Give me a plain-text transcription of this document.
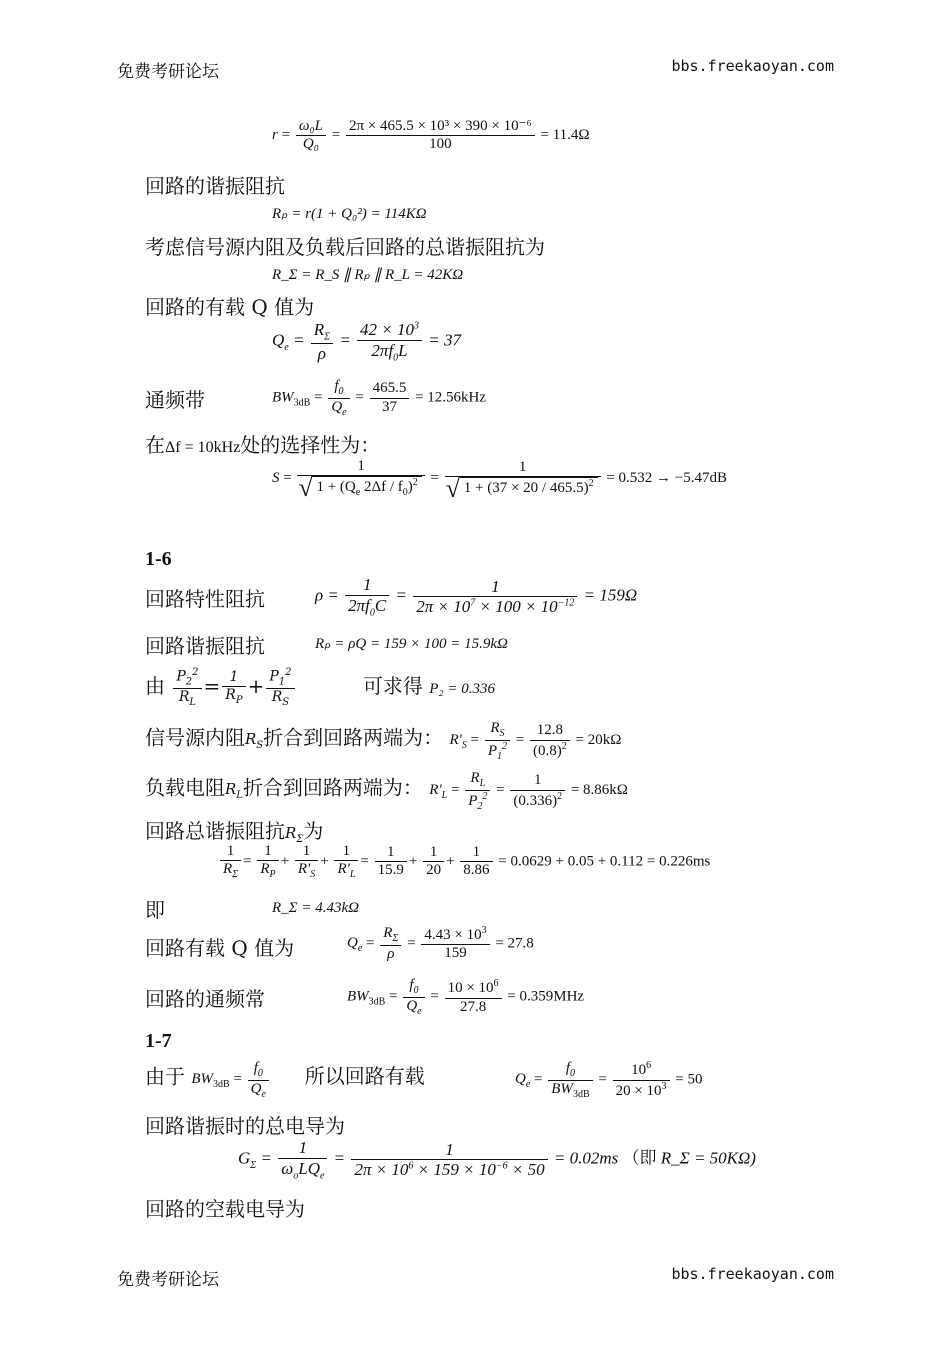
免费考研论坛	bbs.freekaoyan.com
$r = \frac{\text{ω₀L}}{\text{Q₀}} = \frac{\text{2π × 465.5 × 10³ × 390 × 10⁻⁶}}{100} = 11.4\Omega$
回路的谐振阻抗
Rₚ = r(1 + Q₀²) = 114KΩ
考虑信号源内阻及负载后回路的总谐振阻抗为
R_Σ = R_S ∥ Rₚ ∥ R_L = 42KΩ
回路的有载 Q 值为
$Q_e = \frac{R_\Sigma}{\rho} = \frac{42 \times 10^3}{2\pi f_0L} = 37$
通频带	$BW_{3dB} = \frac{f_0}{Q_e} = \frac{465.5}{37} = 12.56kHz$
在Δf = 10kHz处的选择性为：
S = 1
√ $1 + (Q_e$ $2\Delta f / f_0)^2 = 1$
√ $1 + (37 \times 20 / 465.5)^2 = 0.532 \to -5.47dB$
1-6
回路特性阻抗	$\rho = \frac{1}{2\pi f_0C} = \frac{1}{2\pi \times 10^7 \times 100 \times 10^{-12}} = 159\Omega$
回路谐振阻抗	Rₚ = ρQ = 159 × 100 = 15.9kΩ
由 $\frac{P_2^2}{R_L} = \frac{1}{R_P} + \frac{P_1^2}{R_S}$	可求得 P₂ = 0.336
信号源内阻$R_S$折合到回路两端为： $R'_S = \frac{R_S}{P_1^2} = \frac{12.8}{(0.8)^2} = 20k\Omega$
负载电阻$R_L$折合到回路两端为： $R'_L = \frac{R_L}{P_2^2} = \frac{1}{(0.336)^2} = 8.86k\Omega$
回路总谐振阻抗$R_\Sigma$为
$\frac{1}{R_\Sigma} = \frac{1}{R_P} + \frac{1}{R'_S} + \frac{1}{R'_L} = \frac{1}{15.9} + \frac{1}{20} + \frac{1}{8.86} = 0.0629 + 0.05 + 0.112 = 0.226ms$
即	R_Σ = 4.43kΩ
回路有载 Q 值为	$Q_e = \frac{R_\Sigma}{\rho} = \frac{4.43 \times 10^3}{159} = 27.8$
回路的通频常	$BW_{3dB} = \frac{f_0}{Q_e} = \frac{10 \times 10^6}{27.8} = 0.359MHz$
1-7
由于 $BW_{3dB} = \frac{f_0}{Q_e}$ 所以回路有载	$Q_e = \frac{f_0}{BW_{3dB}} = \frac{10^6}{20 \times 10^3} = 50$
回路谐振时的总电导为
$G_\Sigma = \frac{1}{\omega_oLQ_e} = \frac{1}{2\pi \times 10^6 \times 159 \times 10^{-6} \times 50} = 0.02ms$ （即 R_Σ = 50KΩ)
回路的空载电导为
免费考研论坛	bbs.freekaoyan.com
